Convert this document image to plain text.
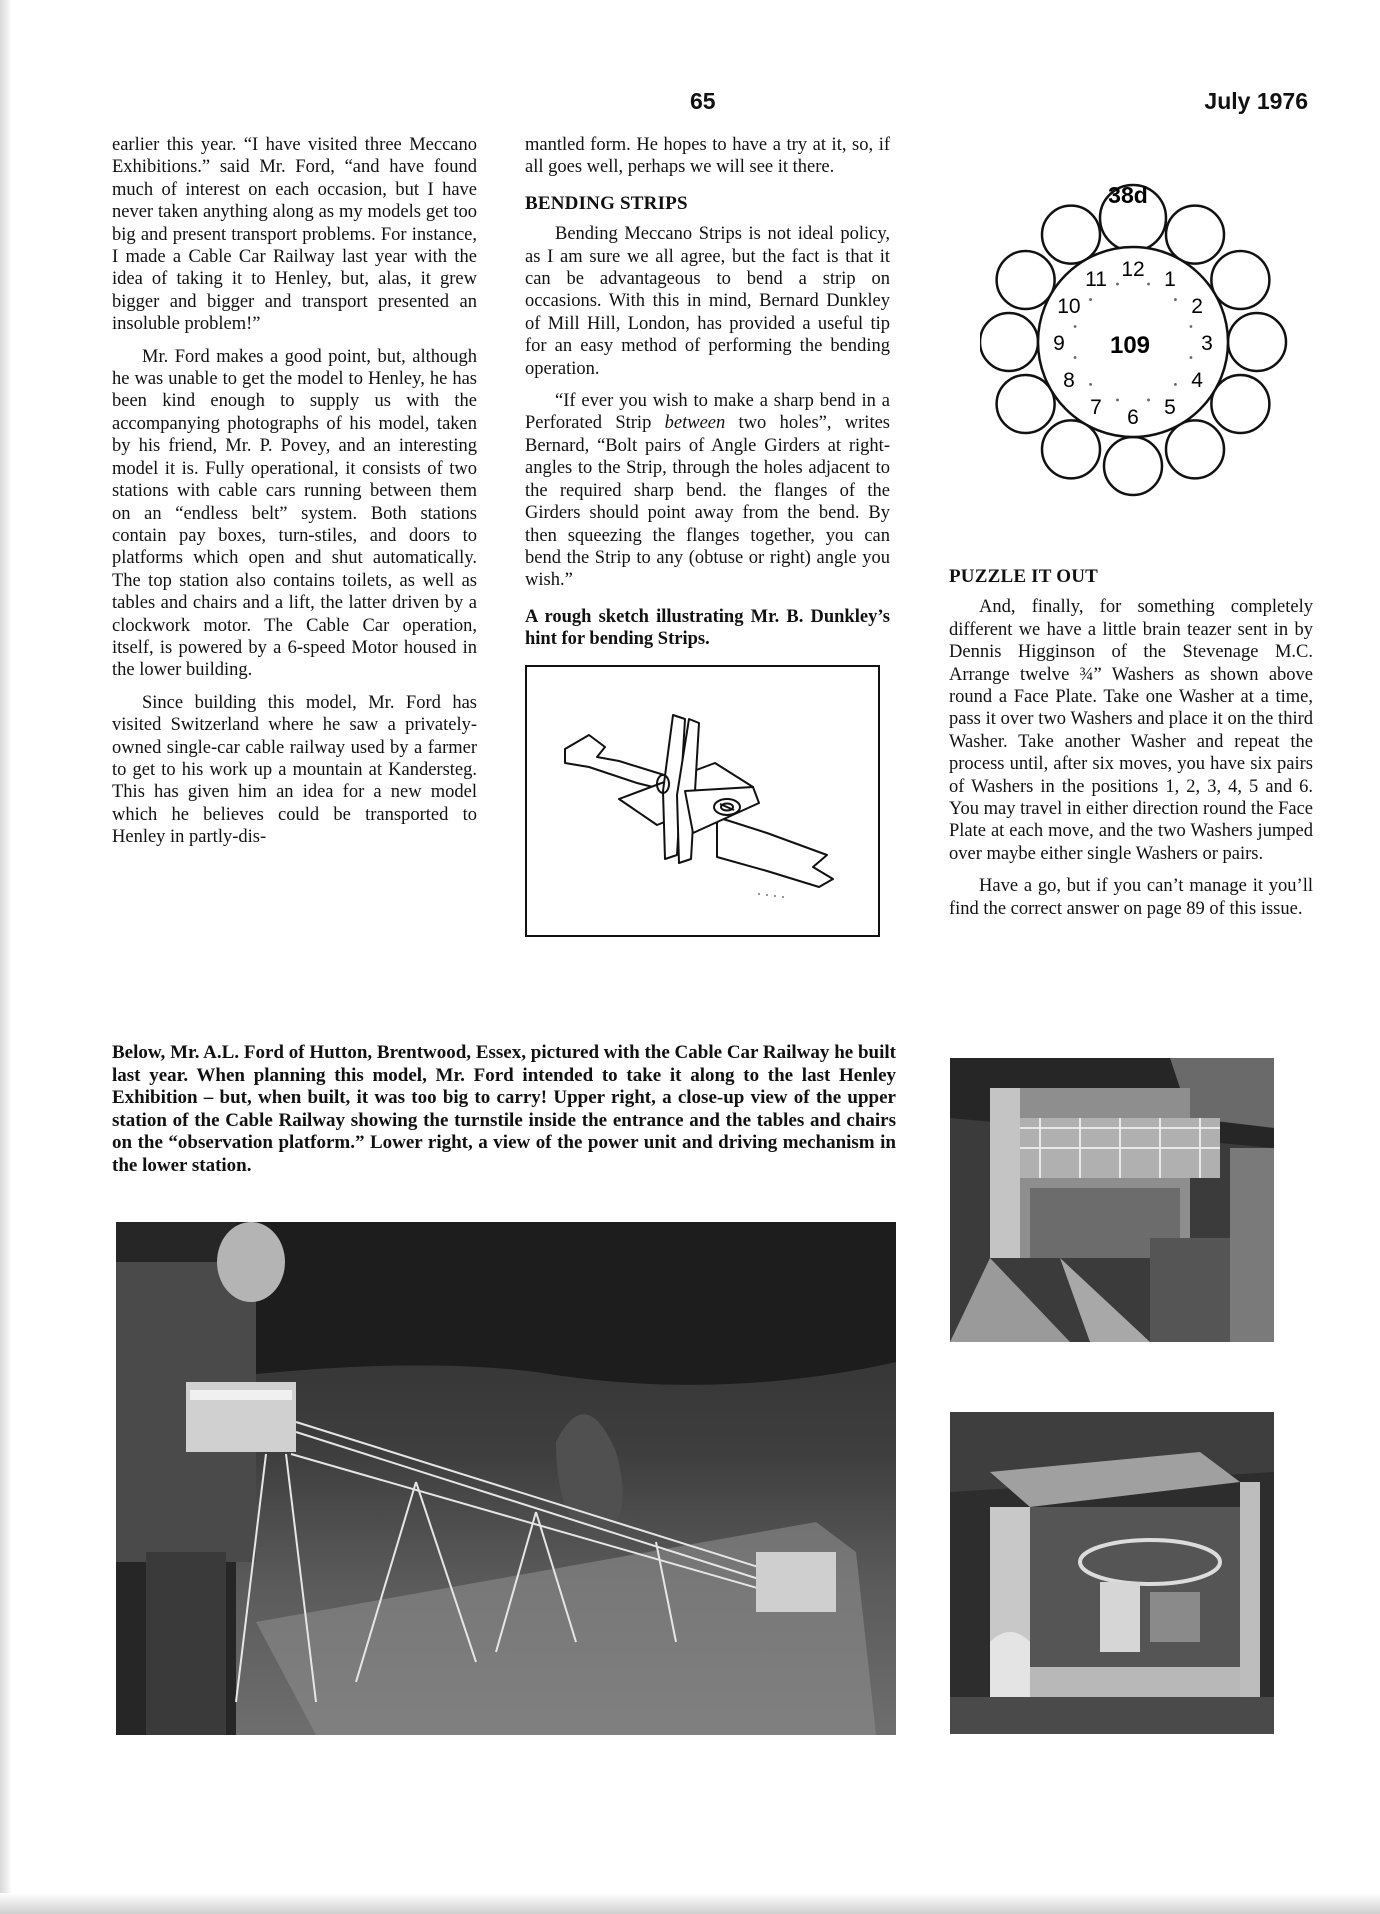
65	July 1976

earlier this year. “I have visited three Meccano Exhibitions.” said Mr. Ford, “and have found much of interest on each occasion, but I have never taken anything along as my models get too big and present transport problems. For instance, I made a Cable Car Railway last year with the idea of taking it to Henley, but, alas, it grew bigger and bigger and transport presented an insoluble problem!”

Mr. Ford makes a good point, but, although he was unable to get the model to Henley, he has been kind enough to supply us with the accompanying photographs of his model, taken by his friend, Mr. P. Povey, and an interesting model it is. Fully operational, it consists of two stations with cable cars running between them on an “endless belt” system. Both stations contain pay boxes, turn-stiles, and doors to platforms which open and shut automatically. The top station also contains toilets, as well as tables and chairs and a lift, the latter driven by a clockwork motor. The Cable Car operation, itself, is powered by a 6-speed Motor housed in the lower building.

Since building this model, Mr. Ford has visited Switzerland where he saw a privately-owned single-car cable railway used by a farmer to get to his work up a mountain at Kandersteg. This has given him an idea for a new model which he believes could be transported to Henley in partly-dis-

mantled form. He hopes to have a try at it, so, if all goes well, perhaps we will see it there.

BENDING STRIPS

Bending Meccano Strips is not ideal policy, as I am sure we all agree, but the fact is that it can be advantageous to bend a strip on occasions. With this in mind, Bernard Dunkley of Mill Hill, London, has provided a useful tip for an easy method of performing the bending operation.

“If ever you wish to make a sharp bend in a Perforated Strip between two holes”, writes Bernard, “Bolt pairs of Angle Girders at right-angles to the Strip, through the holes adjacent to the required sharp bend. the flanges of the Girders should point away from the bend. By then squeezing the flanges together, you can bend the Strip to any (obtuse or right) angle you wish.”

A rough sketch illustrating Mr. B. Dunkley’s hint for bending Strips.

12 1
2
3
4
5
6
7
8
9
10
11
109
38d
PUZZLE IT OUT

And, finally, for something completely different we have a little brain teazer sent in by Dennis Higginson of the Stevenage M.C. Arrange twelve ¾” Washers as shown above round a Face Plate. Take one Washer at a time, pass it over two Washers and place it on the third Washer. Take another Washer and repeat the process until, after six moves, you have six pairs of Washers in the positions 1, 2, 3, 4, 5 and 6. You may travel in either direction round the Face Plate at each move, and the two Washers jumped over maybe either single Washers or pairs.

Have a go, but if you can’t manage it you’ll find the correct answer on page 89 of this issue.

Below, Mr. A.L. Ford of Hutton, Brentwood, Essex, pictured with the Cable Car Railway he built last year. When planning this model, Mr. Ford intended to take it along to the last Henley Exhibition – but, when built, it was too big to carry! Upper right, a close-up view of the upper station of the Cable Railway showing the turnstile inside the entrance and the tables and chairs on the “observation platform.” Lower right, a view of the power unit and driving mechanism in the lower station.
